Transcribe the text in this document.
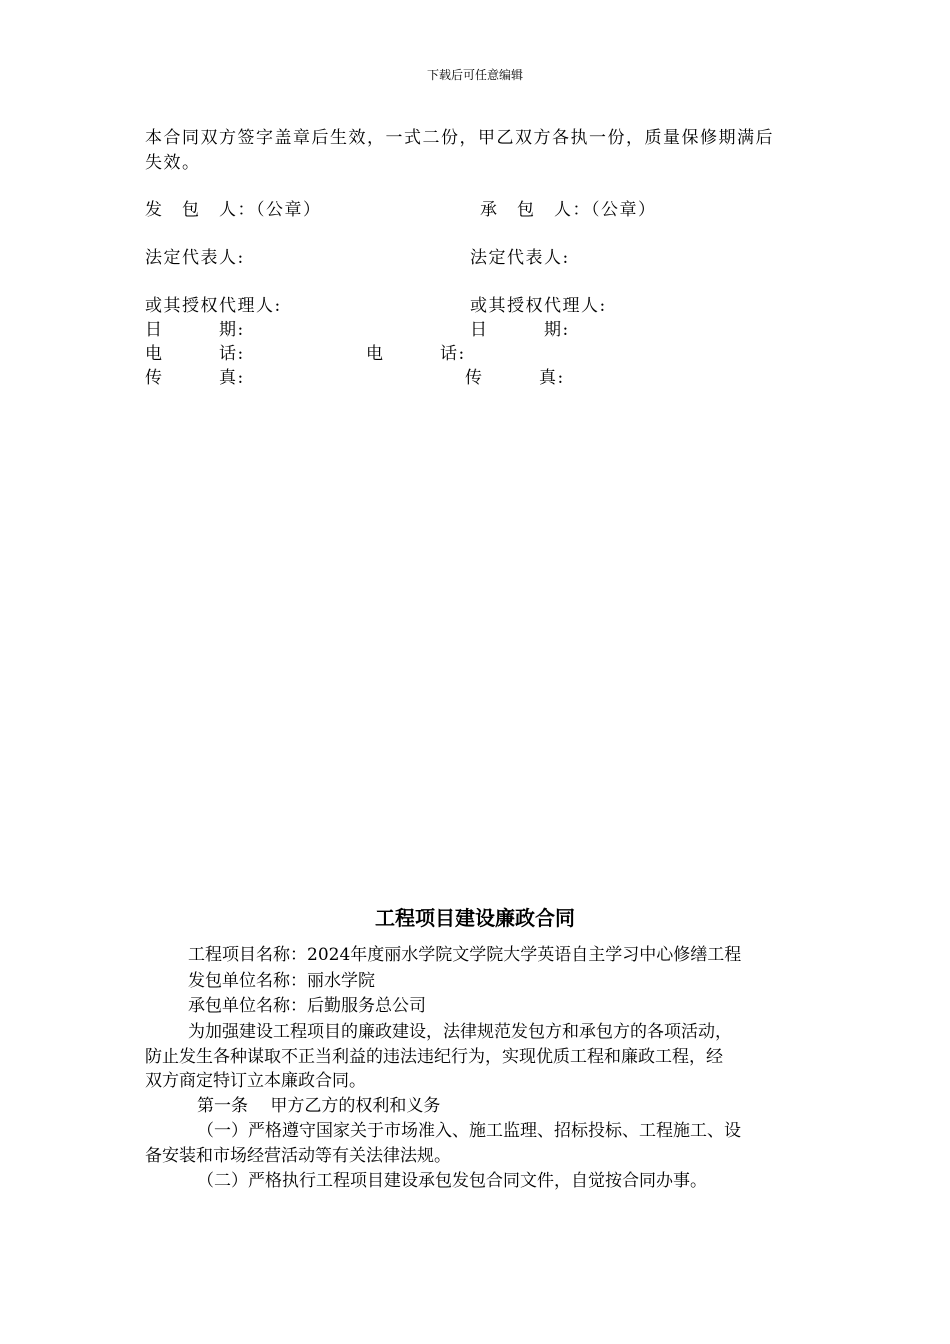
下载后可任意编辑
本合同双方签字盖章后生效，一式二份，甲乙双方各执一份，质量保修期满后
失效。
发　包　人：（公章）	承　包　人：（公章）
法定代表人:	法定代表人:
或其授权代理人:	或其授权代理人:
日　　　期:	日　　　期:
电　　　话:	电　　　话:
传　　　真:	传　　　真:
工程项目建设廉政合同
工程项目名称：2024年度丽水学院文学院大学英语自主学习中心修缮工程
发包单位名称：丽水学院
承包单位名称：后勤服务总公司
为加强建设工程项目的廉政建设，法律规范发包方和承包方的各项活动，
防止发生各种谋取不正当利益的违法违纪行为，实现优质工程和廉政工程，经
双方商定特订立本廉政合同。
第一条　 甲方乙方的权利和义务
（一）严格遵守国家关于市场准入、施工监理、招标投标、工程施工、设
备安装和市场经营活动等有关法律法规。
（二）严格执行工程项目建设承包发包合同文件，自觉按合同办事。
